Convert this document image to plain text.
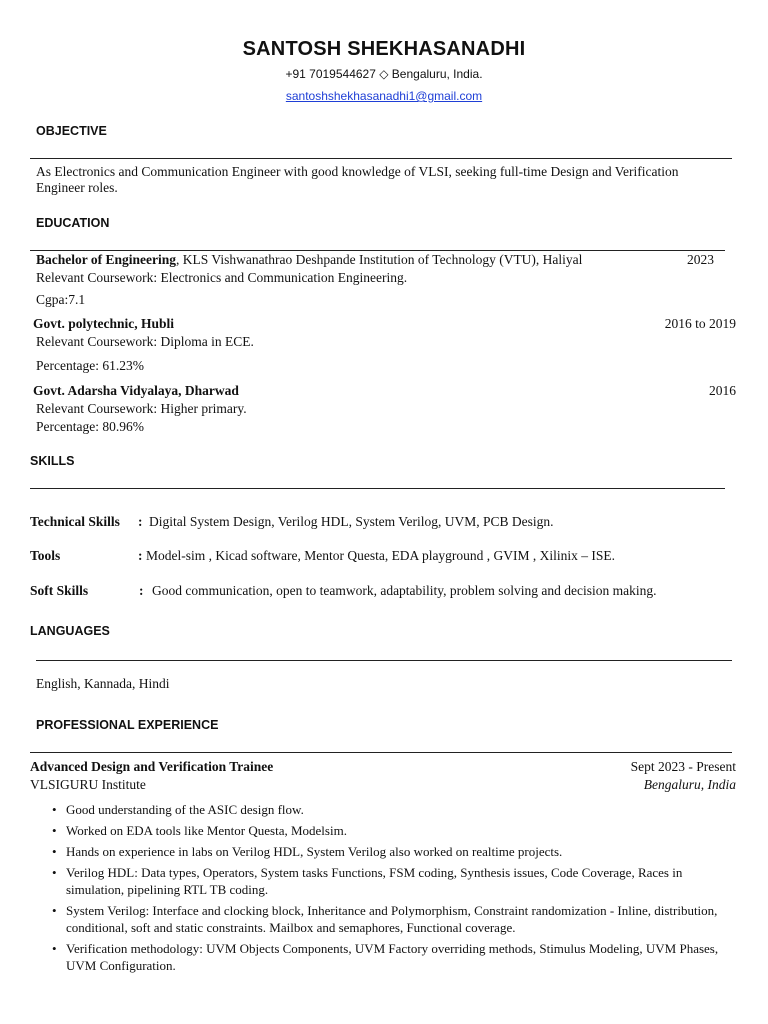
SANTOSH SHEKHASANADHI
+91 7019544627 ◇ Bengaluru, India.
santoshshekhasanadhi1@gmail.com
OBJECTIVE
As Electronics and Communication Engineer with good knowledge of VLSI, seeking full-time Design and Verification Engineer roles.
EDUCATION
Bachelor of Engineering, KLS Vishwanathrao Deshpande Institution of Technology (VTU), Haliyal	2023
Relevant Coursework: Electronics and Communication Engineering.
Cgpa:7.1
Govt. polytechnic, Hubli	2016 to 2019
Relevant Coursework: Diploma in ECE.
Percentage: 61.23%
Govt. Adarsha Vidyalaya, Dharwad	2016
Relevant Coursework: Higher primary.
Percentage: 80.96%
SKILLS
Technical Skills : Digital System Design, Verilog HDL, System Verilog, UVM, PCB Design.
Tools	: Model-sim , Kicad software, Mentor Questa, EDA playground , GVIM , Xilinix – ISE.
Soft Skills	: Good communication, open to teamwork, adaptability, problem solving and decision making.
LANGUAGES
English, Kannada, Hindi
PROFESSIONAL EXPERIENCE
Advanced Design and Verification Trainee	Sept 2023 - Present
VLSIGURU Institute	Bengaluru, India
• Good understanding of the ASIC design flow.
• Worked on EDA tools like Mentor Questa, Modelsim.
• Hands on experience in labs on Verilog HDL, System Verilog also worked on realtime projects.
• Verilog HDL: Data types, Operators, System tasks Functions, FSM coding, Synthesis issues, Code Coverage, Races in simulation, pipelining RTL TB coding.
• System Verilog: Interface and clocking block, Inheritance and Polymorphism, Constraint randomization - Inline, distribution, conditional, soft and static constraints. Mailbox and semaphores, Functional coverage.
• Verification methodology: UVM Objects Components, UVM Factory overriding methods, Stimulus Modeling, UVM Phases, UVM Configuration.
